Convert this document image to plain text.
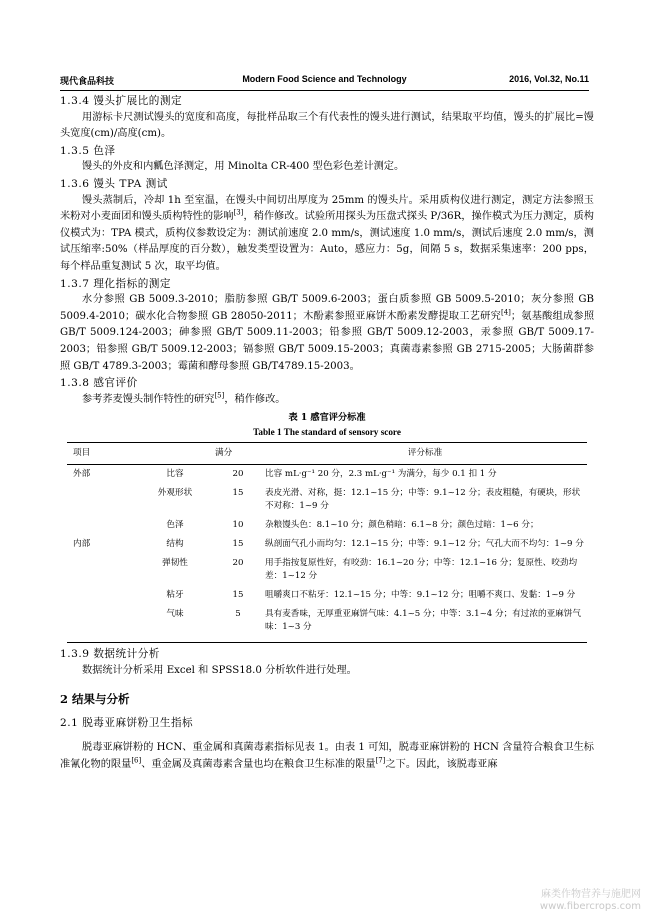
现代食品科技	Modern Food Science and Technology	2016, Vol.32, No.11
1.3.4 馒头扩展比的测定

用游标卡尺测试馒头的宽度和高度，每批样品取三个有代表性的馒头进行测试，结果取平均值，馒头的扩展比=馒头宽度(cm)/高度(cm)。

1.3.5 色泽

馒头的外皮和内瓤色泽测定，用 Minolta CR-400 型色彩色差计测定。

1.3.6 馒头 TPA 测试

馒头蒸制后，冷却 1h 至室温，在馒头中间切出厚度为 25mm 的馒头片。采用质构仪进行测定，测定方法参照玉米粉对小麦面团和馒头质构特性的影响[3]，稍作修改。试验所用探头为压盘式探头 P/36R，操作模式为压力测定，质构仪模式为：TPA 模式，质构仪参数设定为：测试前速度 2.0 mm/s，测试速度 1.0 mm/s，测试后速度 2.0 mm/s，测试压缩率:50%（样品厚度的百分数），触发类型设置为：Auto，感应力：5g，间隔 5 s，数据采集速率：200 pps，每个样品重复测试 5 次，取平均值。

1.3.7 理化指标的测定

水分参照 GB 5009.3-2010；脂肪参照 GB/T 5009.6-2003；蛋白质参照 GB 5009.5-2010；灰分参照 GB 5009.4-2010；碳水化合物参照 GB 28050-2011；木酚素参照亚麻饼木酚素发酵提取工艺研究[4]；氨基酸组成参照 GB/T 5009.124-2003；砷参照 GB/T 5009.11-2003；铅参照 GB/T 5009.12-2003，汞参照 GB/T 5009.17-2003；铅参照 GB/T 5009.12-2003；镉参照 GB/T 5009.15-2003；真菌毒素参照 GB 2715-2005；大肠菌群参照 GB/T 4789.3-2003；霉菌和酵母参照 GB/T4789.15-2003。

1.3.8 感官评价

参考荞麦馒头制作特性的研究[5]，稍作修改。

表 1 感官评分标准
Table 1 The standard of sensory score
项目		满分	评分标准
外部	比容	20	比容 mL·g⁻¹ 20 分，2.3 mL·g⁻¹ 为满分，每少 0.1 扣 1 分
	外观形状	15	表皮光滑、对称，挺：12.1~15 分；中等：9.1~12 分；表皮粗糙，有硬块，形状不对称：1~9 分
	色泽	10	杂粮馒头色：8.1~10 分；颜色稍暗：6.1~8 分；颜色过暗：1~6 分；
内部	结构	15	纵剖面气孔小而均匀：12.1~15 分；中等：9.1~12 分；气孔大而不均匀：1~9 分
	弹韧性	20	用手指按复原性好，有咬劲：16.1~20 分；中等：12.1~16 分；复原性、咬劲均差：1~12 分
	粘牙	15	咀嚼爽口不粘牙：12.1~15 分；中等：9.1~12 分；咀嚼不爽口、发黏：1~9 分
	气味	5	具有麦香味，无厚重亚麻饼气味：4.1~5 分；中等：3.1~4 分；有过浓的亚麻饼气味：1~3 分
1.3.9 数据统计分析

数据统计分析采用 Excel 和 SPSS18.0 分析软件进行处理。

2 结果与分析
2.1 脱毒亚麻饼粉卫生指标

脱毒亚麻饼粉的 HCN、重金属和真菌毒素指标见表 1。由表 1 可知，脱毒亚麻饼粉的 HCN 含量符合粮食卫生标准氰化物的限量[6]、重金属及真菌毒素含量也均在粮食卫生标准的限量[7]之下。因此，该脱毒亚麻

麻类作物营养与施肥网
www.fibercrops.com
